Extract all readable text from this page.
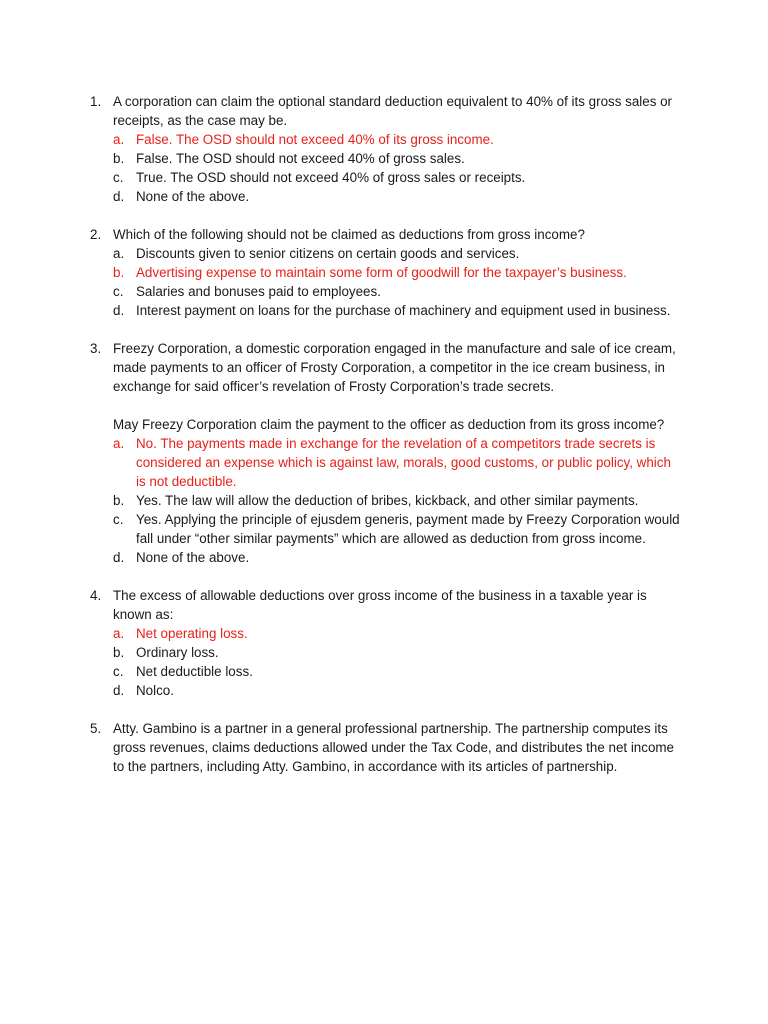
1. A corporation can claim the optional standard deduction equivalent to 40% of its gross sales or receipts, as the case may be.
a. False. The OSD should not exceed 40% of its gross income.
b. False. The OSD should not exceed 40% of gross sales.
c. True. The OSD should not exceed 40% of gross sales or receipts.
d. None of the above.
2. Which of the following should not be claimed as deductions from gross income?
a. Discounts given to senior citizens on certain goods and services.
b. Advertising expense to maintain some form of goodwill for the taxpayer’s business.
c. Salaries and bonuses paid to employees.
d. Interest payment on loans for the purchase of machinery and equipment used in business.
3. Freezy Corporation, a domestic corporation engaged in the manufacture and sale of ice cream, made payments to an officer of Frosty Corporation, a competitor in the ice cream business, in exchange for said officer’s revelation of Frosty Corporation’s trade secrets.
May Freezy Corporation claim the payment to the officer as deduction from its gross income?
a. No. The payments made in exchange for the revelation of a competitors trade secrets is considered an expense which is against law, morals, good customs, or public policy, which is not deductible.
b. Yes. The law will allow the deduction of bribes, kickback, and other similar payments.
c. Yes. Applying the principle of ejusdem generis, payment made by Freezy Corporation would fall under “other similar payments” which are allowed as deduction from gross income.
d. None of the above.
4. The excess of allowable deductions over gross income of the business in a taxable year is known as:
a. Net operating loss.
b. Ordinary loss.
c. Net deductible loss.
d. Nolco.
5. Atty. Gambino is a partner in a general professional partnership. The partnership computes its gross revenues, claims deductions allowed under the Tax Code, and distributes the net income to the partners, including Atty. Gambino, in accordance with its articles of partnership.
